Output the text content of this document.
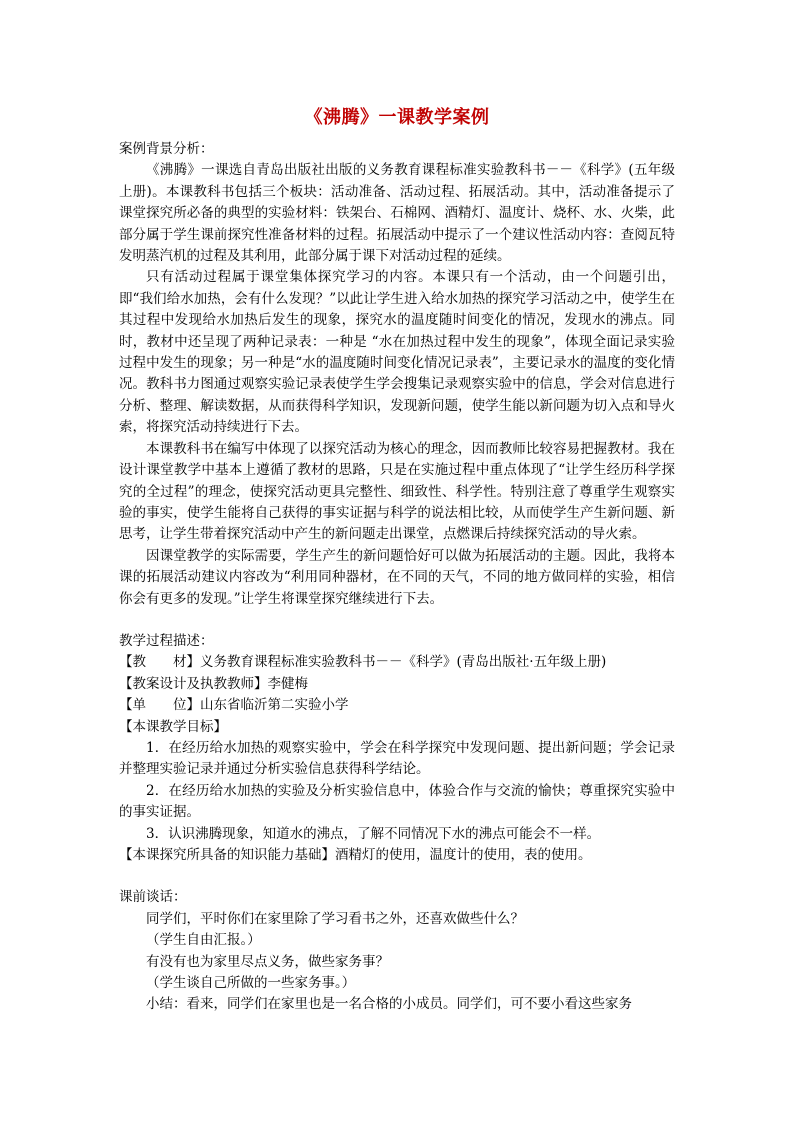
《沸腾》一课教学案例

案例背景分析：

《沸腾》一课选自青岛出版社出版的义务教育课程标准实验教科书－－《科学》(五年级上册)。本课教科书包括三个板块：活动准备、活动过程、拓展活动。其中，活动准备提示了课堂探究所必备的典型的实验材料：铁架台、石棉网、酒精灯、温度计、烧杯、水、火柴，此部分属于学生课前探究性准备材料的过程。拓展活动中提示了一个建议性活动内容：查阅瓦特发明蒸汽机的过程及其利用，此部分属于课下对活动过程的延续。

只有活动过程属于课堂集体探究学习的内容。本课只有一个活动，由一个问题引出，即“我们给水加热，会有什么发现？”以此让学生进入给水加热的探究学习活动之中，使学生在其过程中发现给水加热后发生的现象，探究水的温度随时间变化的情况，发现水的沸点。同时，教材中还呈现了两种记录表：一种是 “水在加热过程中发生的现象”，体现全面记录实验过程中发生的现象；另一种是“水的温度随时间变化情况记录表”，主要记录水的温度的变化情况。教科书力图通过观察实验记录表使学生学会搜集记录观察实验中的信息，学会对信息进行分析、整理、解读数据，从而获得科学知识，发现新问题，使学生能以新问题为切入点和导火索，将探究活动持续进行下去。

本课教科书在编写中体现了以探究活动为核心的理念，因而教师比较容易把握教材。我在设计课堂教学中基本上遵循了教材的思路，只是在实施过程中重点体现了“让学生经历科学探究的全过程”的理念，使探究活动更具完整性、细致性、科学性。特别注意了尊重学生观察实验的事实，使学生能将自己获得的事实证据与科学的说法相比较，从而使学生产生新问题、新思考，让学生带着探究活动中产生的新问题走出课堂，点燃课后持续探究活动的导火索。

因课堂教学的实际需要，学生产生的新问题恰好可以做为拓展活动的主题。因此，我将本课的拓展活动建议内容改为“利用同种器材，在不同的天气，不同的地方做同样的实验，相信你会有更多的发现。”让学生将课堂探究继续进行下去。

教学过程描述：

【教　　材】义务教育课程标准实验教科书－－《科学》(青岛出版社·五年级上册)

【教案设计及执教教师】李健梅

【单　　位】山东省临沂第二实验小学

【本课教学目标】

1．在经历给水加热的观察实验中，学会在科学探究中发现问题、提出新问题；学会记录并整理实验记录并通过分析实验信息获得科学结论。

2．在经历给水加热的实验及分析实验信息中，体验合作与交流的愉快；尊重探究实验中的事实证据。

3．认识沸腾现象，知道水的沸点，了解不同情况下水的沸点可能会不一样。

【本课探究所具备的知识能力基础】酒精灯的使用，温度计的使用，表的使用。

课前谈话：

同学们，平时你们在家里除了学习看书之外，还喜欢做些什么？

（学生自由汇报。）

有没有也为家里尽点义务，做些家务事？

（学生谈自己所做的一些家务事。）

小结：看来，同学们在家里也是一名合格的小成员。同学们，可不要小看这些家务
